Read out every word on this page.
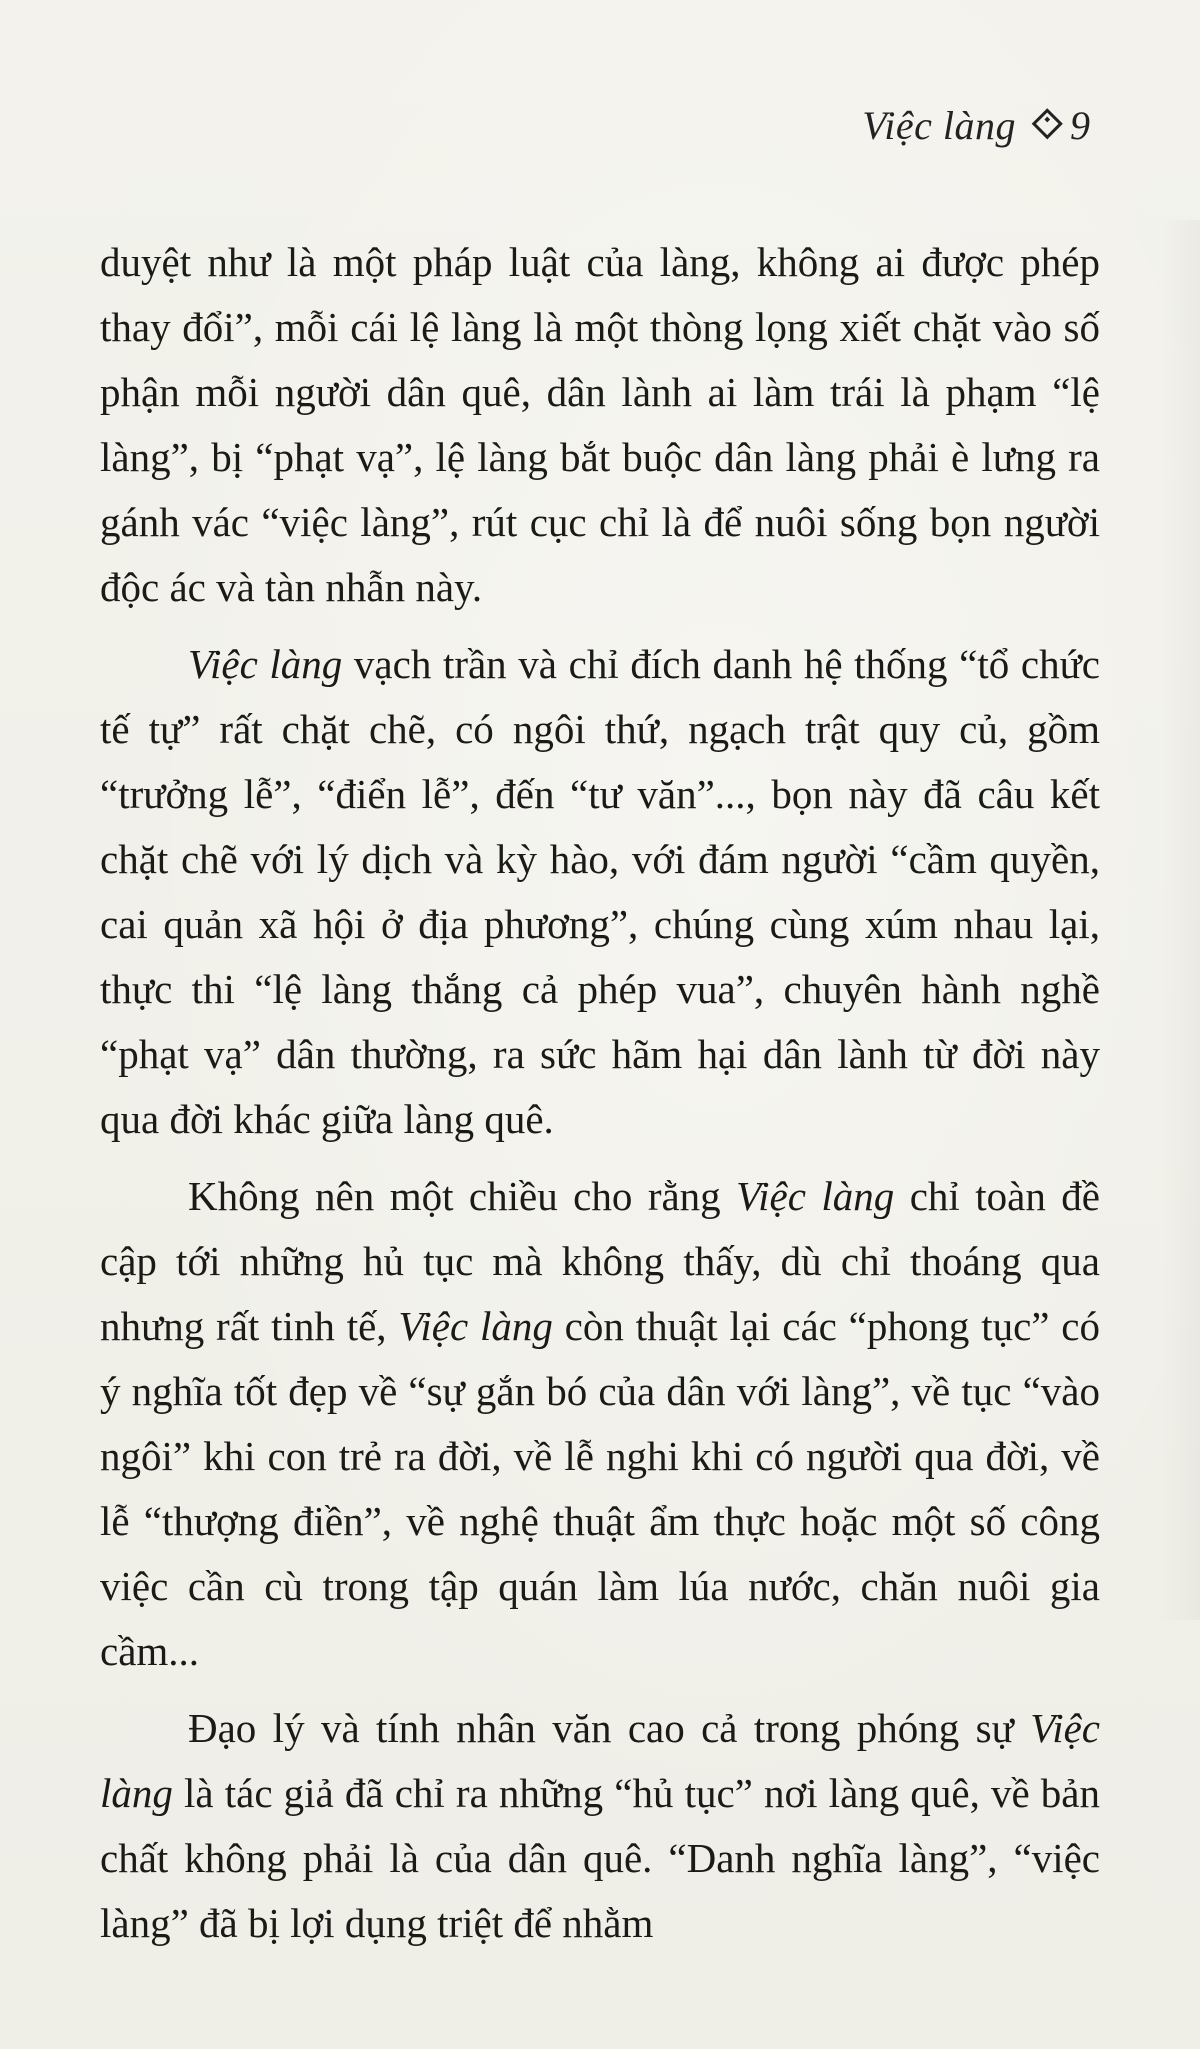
Việc làng 9

duyệt như là một pháp luật của làng, không ai được phép thay đổi”, mỗi cái lệ làng là một thòng lọng xiết chặt vào số phận mỗi người dân quê, dân lành ai làm trái là phạm “lệ làng”, bị “phạt vạ”, lệ làng bắt buộc dân làng phải è lưng ra gánh vác “việc làng”, rút cục chỉ là để nuôi sống bọn người độc ác và tàn nhẫn này.

Việc làng vạch trần và chỉ đích danh hệ thống “tổ chức tế tự” rất chặt chẽ, có ngôi thứ, ngạch trật quy củ, gồm “trưởng lễ”, “điển lễ”, đến “tư văn”..., bọn này đã câu kết chặt chẽ với lý dịch và kỳ hào, với đám người “cầm quyền, cai quản xã hội ở địa phương”, chúng cùng xúm nhau lại, thực thi “lệ làng thắng cả phép vua”, chuyên hành nghề “phạt vạ” dân thường, ra sức hãm hại dân lành từ đời này qua đời khác giữa làng quê.

Không nên một chiều cho rằng Việc làng chỉ toàn đề cập tới những hủ tục mà không thấy, dù chỉ thoáng qua nhưng rất tinh tế, Việc làng còn thuật lại các “phong tục” có ý nghĩa tốt đẹp về “sự gắn bó của dân với làng”, về tục “vào ngôi” khi con trẻ ra đời, về lễ nghi khi có người qua đời, về lễ “thượng điền”, về nghệ thuật ẩm thực hoặc một số công việc cần cù trong tập quán làm lúa nước, chăn nuôi gia cầm...

Đạo lý và tính nhân văn cao cả trong phóng sự Việc làng là tác giả đã chỉ ra những “hủ tục” nơi làng quê, về bản chất không phải là của dân quê. “Danh nghĩa làng”, “việc làng” đã bị lợi dụng triệt để nhằm
